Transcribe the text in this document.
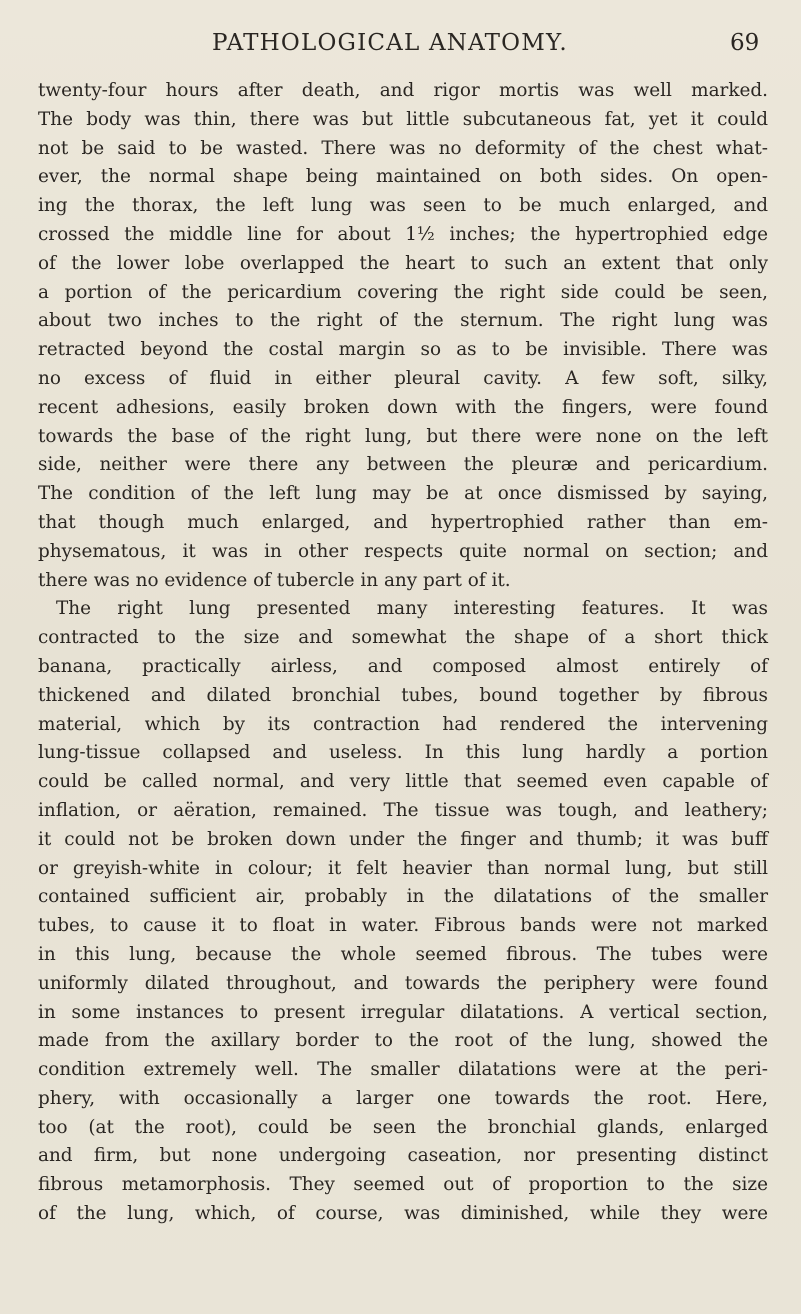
PATHOLOGICAL ANATOMY.	69
twenty-four hours after death, and rigor mortis was well marked.
The body was thin, there was but little subcutaneous fat, yet it could
not be said to be wasted. There was no deformity of the chest what-
ever, the normal shape being maintained on both sides. On open-
ing the thorax, the left lung was seen to be much enlarged, and
crossed the middle line for about 1½ inches; the hypertrophied edge
of the lower lobe overlapped the heart to such an extent that only
a portion of the pericardium covering the right side could be seen,
about two inches to the right of the sternum. The right lung was
retracted beyond the costal margin so as to be invisible. There was
no excess of fluid in either pleural cavity. A few soft, silky,
recent adhesions, easily broken down with the fingers, were found
towards the base of the right lung, but there were none on the left
side, neither were there any between the pleuræ and pericardium.
The condition of the left lung may be at once dismissed by saying,
that though much enlarged, and hypertrophied rather than em-
physematous, it was in other respects quite normal on section; and
there was no evidence of tubercle in any part of it.
The right lung presented many interesting features. It was
contracted to the size and somewhat the shape of a short thick
banana, practically airless, and composed almost entirely of
thickened and dilated bronchial tubes, bound together by fibrous
material, which by its contraction had rendered the intervening
lung-tissue collapsed and useless. In this lung hardly a portion
could be called normal, and very little that seemed even capable of
inflation, or aëration, remained. The tissue was tough, and leathery;
it could not be broken down under the finger and thumb; it was buff
or greyish-white in colour; it felt heavier than normal lung, but still
contained sufficient air, probably in the dilatations of the smaller
tubes, to cause it to float in water. Fibrous bands were not marked
in this lung, because the whole seemed fibrous. The tubes were
uniformly dilated throughout, and towards the periphery were found
in some instances to present irregular dilatations. A vertical section,
made from the axillary border to the root of the lung, showed the
condition extremely well. The smaller dilatations were at the peri-
phery, with occasionally a larger one towards the root. Here,
too (at the root), could be seen the bronchial glands, enlarged
and firm, but none undergoing caseation, nor presenting distinct
fibrous metamorphosis. They seemed out of proportion to the size
of the lung, which, of course, was diminished, while they were
